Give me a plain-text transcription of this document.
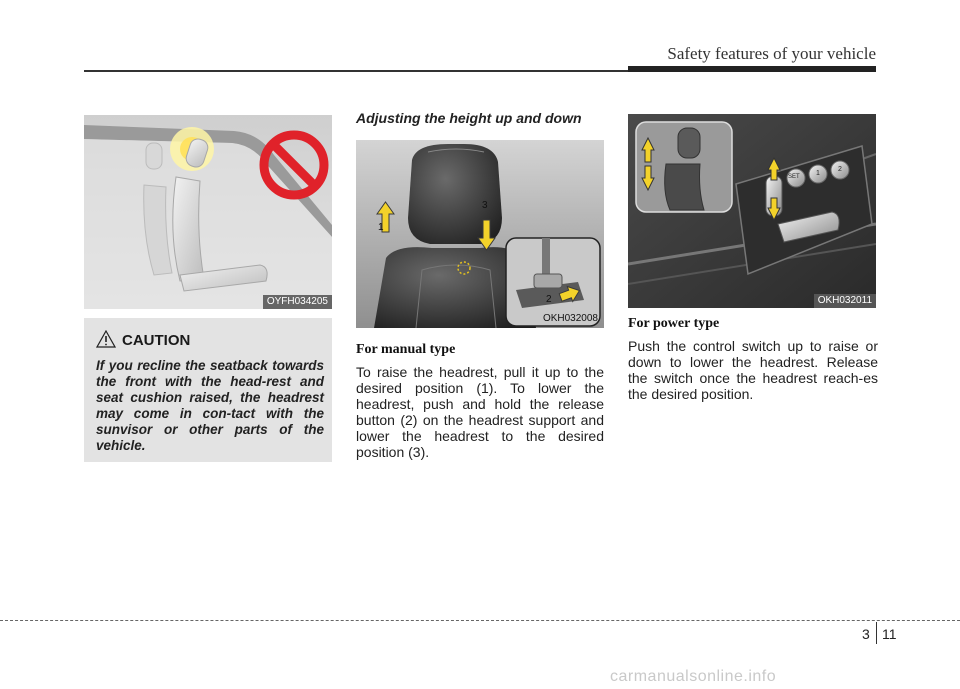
Safety features of your vehicle
OYFH034205
CAUTION
If you recline the seatback towards the front with the head-rest and seat cushion raised, the headrest may come in con-tact with the sunvisor or other parts of the vehicle.
Adjusting the height up and down
1
3
2
OKH032008
For manual type
To raise the headrest, pull it up to the desired position (1). To lower the headrest, push and hold the release button (2) on the headrest support and lower the headrest to the desired position (3).
SET 1
2
OKH032011
For power type
Push the control switch up to raise or down to lower the headrest. Release the switch once the headrest reach-es the desired position.
3 11
carmanualsonline.info
